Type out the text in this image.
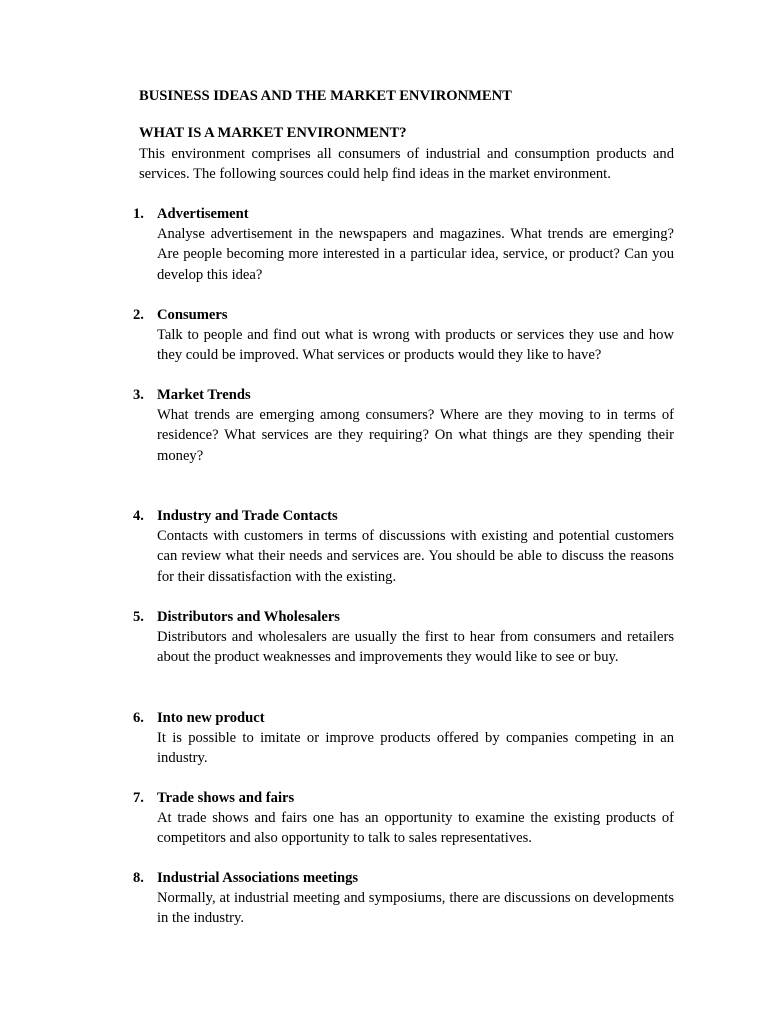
BUSINESS IDEAS AND THE MARKET ENVIRONMENT
WHAT IS A MARKET ENVIRONMENT?

This environment comprises all consumers of industrial and consumption products and services. The following sources could help find ideas in the market environment.

1. Advertisement

Analyse advertisement in the newspapers and magazines. What trends are emerging? Are people becoming more interested in a particular idea, service, or product? Can you develop this idea?

2. Consumers

Talk to people and find out what is wrong with products or services they use and how they could be improved. What services or products would they like to have?

3. Market Trends

What trends are emerging among consumers? Where are they moving to in terms of residence? What services are they requiring? On what things are they spending their money?

4. Industry and Trade Contacts

Contacts with customers in terms of discussions with existing and potential customers can review what their needs and services are. You should be able to discuss the reasons for their dissatisfaction with the existing.

5. Distributors and Wholesalers

Distributors and wholesalers are usually the first to hear from consumers and retailers about the product weaknesses and improvements they would like to see or buy.

6. Into new product

It is possible to imitate or improve products offered by companies competing in an industry.

7. Trade shows and fairs

At trade shows and fairs one has an opportunity to examine the existing products of competitors and also opportunity to talk to sales representatives.

8. Industrial Associations meetings

Normally, at industrial meeting and symposiums, there are discussions on developments in the industry.
